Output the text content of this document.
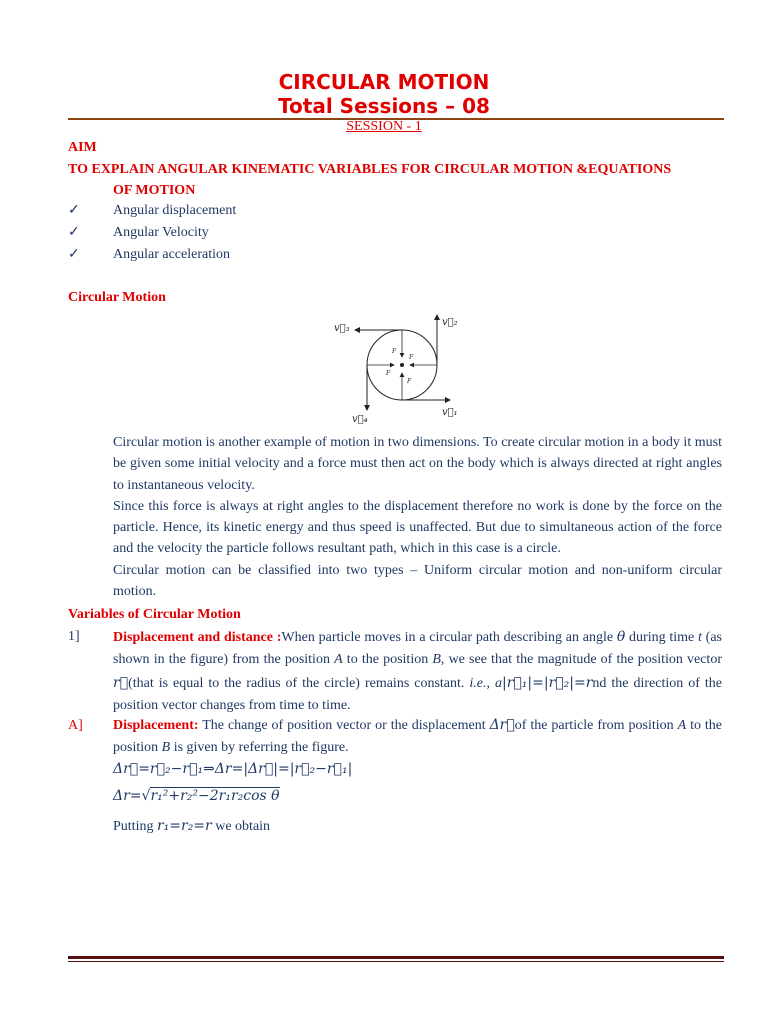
CIRCULAR MOTION
Total Sessions – 08
SESSION - 1
AIM
TO EXPLAIN ANGULAR KINEMATIC VARIABLES FOR CIRCULAR MOTION &EQUATIONS
OF MOTION
✓ Angular displacement
✓ Angular Velocity
✓ Angular acceleration
Circular Motion
v⃗₂
v⃗₃
v⃗₄
v⃗₁
F
F
F
F

Circular motion is another example of motion in two dimensions. To create circular motion in a body it must be given some initial velocity and a force must then act on the body which is always directed at right angles to instantaneous velocity.

Since this force is always at right angles to the displacement therefore no work is done by the force on the particle. Hence, its kinetic energy and thus speed is unaffected. But due to simultaneous action of the force and the velocity the particle follows resultant path, which in this case is a circle.

Circular motion can be classified into two types – Uniform circular motion and non-uniform circular motion.

Variables of Circular Motion
1] Displacement and distance :When particle moves in a circular path describing an angle θ during time t (as shown in the figure) from the position A to the position B, we see that the magnitude of the position vector r⃗(that is equal to the radius of the circle) remains constant. i.e., a|r⃗₁|=|r⃗₂|=rnd the direction of the position vector changes from time to time.
A] Displacement: The change of position vector or the displacement Δr⃗of the particle from position A to the position B is given by referring the figure.
Δr⃗=r⃗₂−r⃗₁⇒Δr=|Δr⃗|=|r⃗₂−r⃗₁|
Δr=√r₁²+r₂²−2r₁r₂cos θ
Putting r₁=r₂=r we obtain
